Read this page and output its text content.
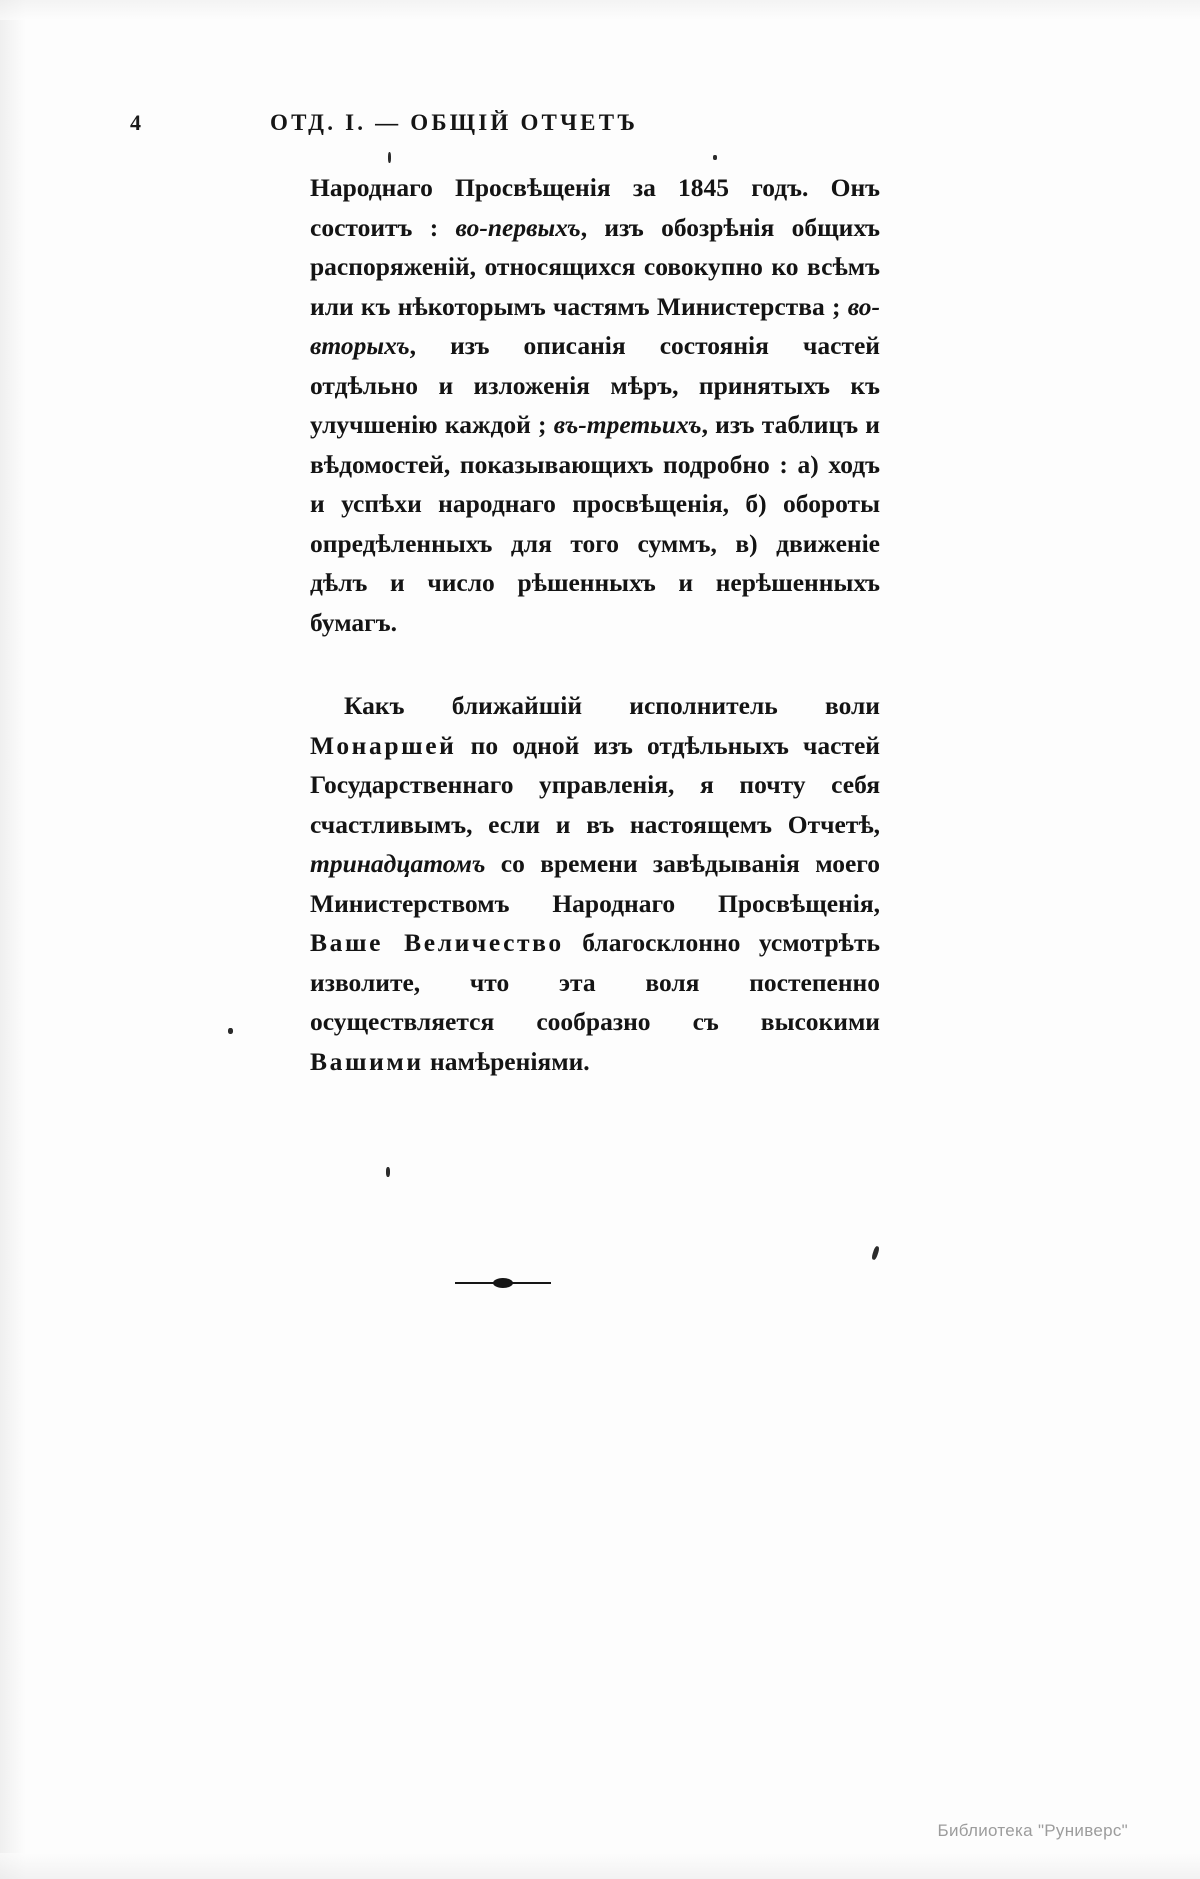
4	ОТД. I. — ОБЩІЙ ОТЧЕТЪ

Народнаго Просвѣщенія за 1845 годъ. Онъ состоитъ : во-первыхъ, изъ обозрѣнія общихъ распоряженій, относящихся совокупно ко всѣмъ или къ нѣкоторымъ частямъ Министерства ; во-вторыхъ, изъ описанія состоянія частей отдѣльно и изложенія мѣръ, принятыхъ къ улучшенію каждой ; въ-третьихъ, изъ таблицъ и вѣдомостей, показывающихъ подробно : а) ходъ и успѣхи народнаго просвѣщенія, б) обороты опредѣленныхъ для того суммъ, в) движеніе дѣлъ и число рѣшенныхъ и нерѣшенныхъ бумагъ.

Какъ ближайшій исполнитель воли Монаршей по одной изъ отдѣльныхъ частей Государственнаго управленія, я почту себя счастливымъ, если и въ настоящемъ Отчетѣ, тринадцатомъ со времени завѣдыванія моего Министерствомъ Народнаго Просвѣщенія, Ваше Величество благосклонно усмотрѣть изволите, что эта воля постепенно осуществляется сообразно съ высокими Вашими намѣреніями.

Библиотека "Руниверс"
